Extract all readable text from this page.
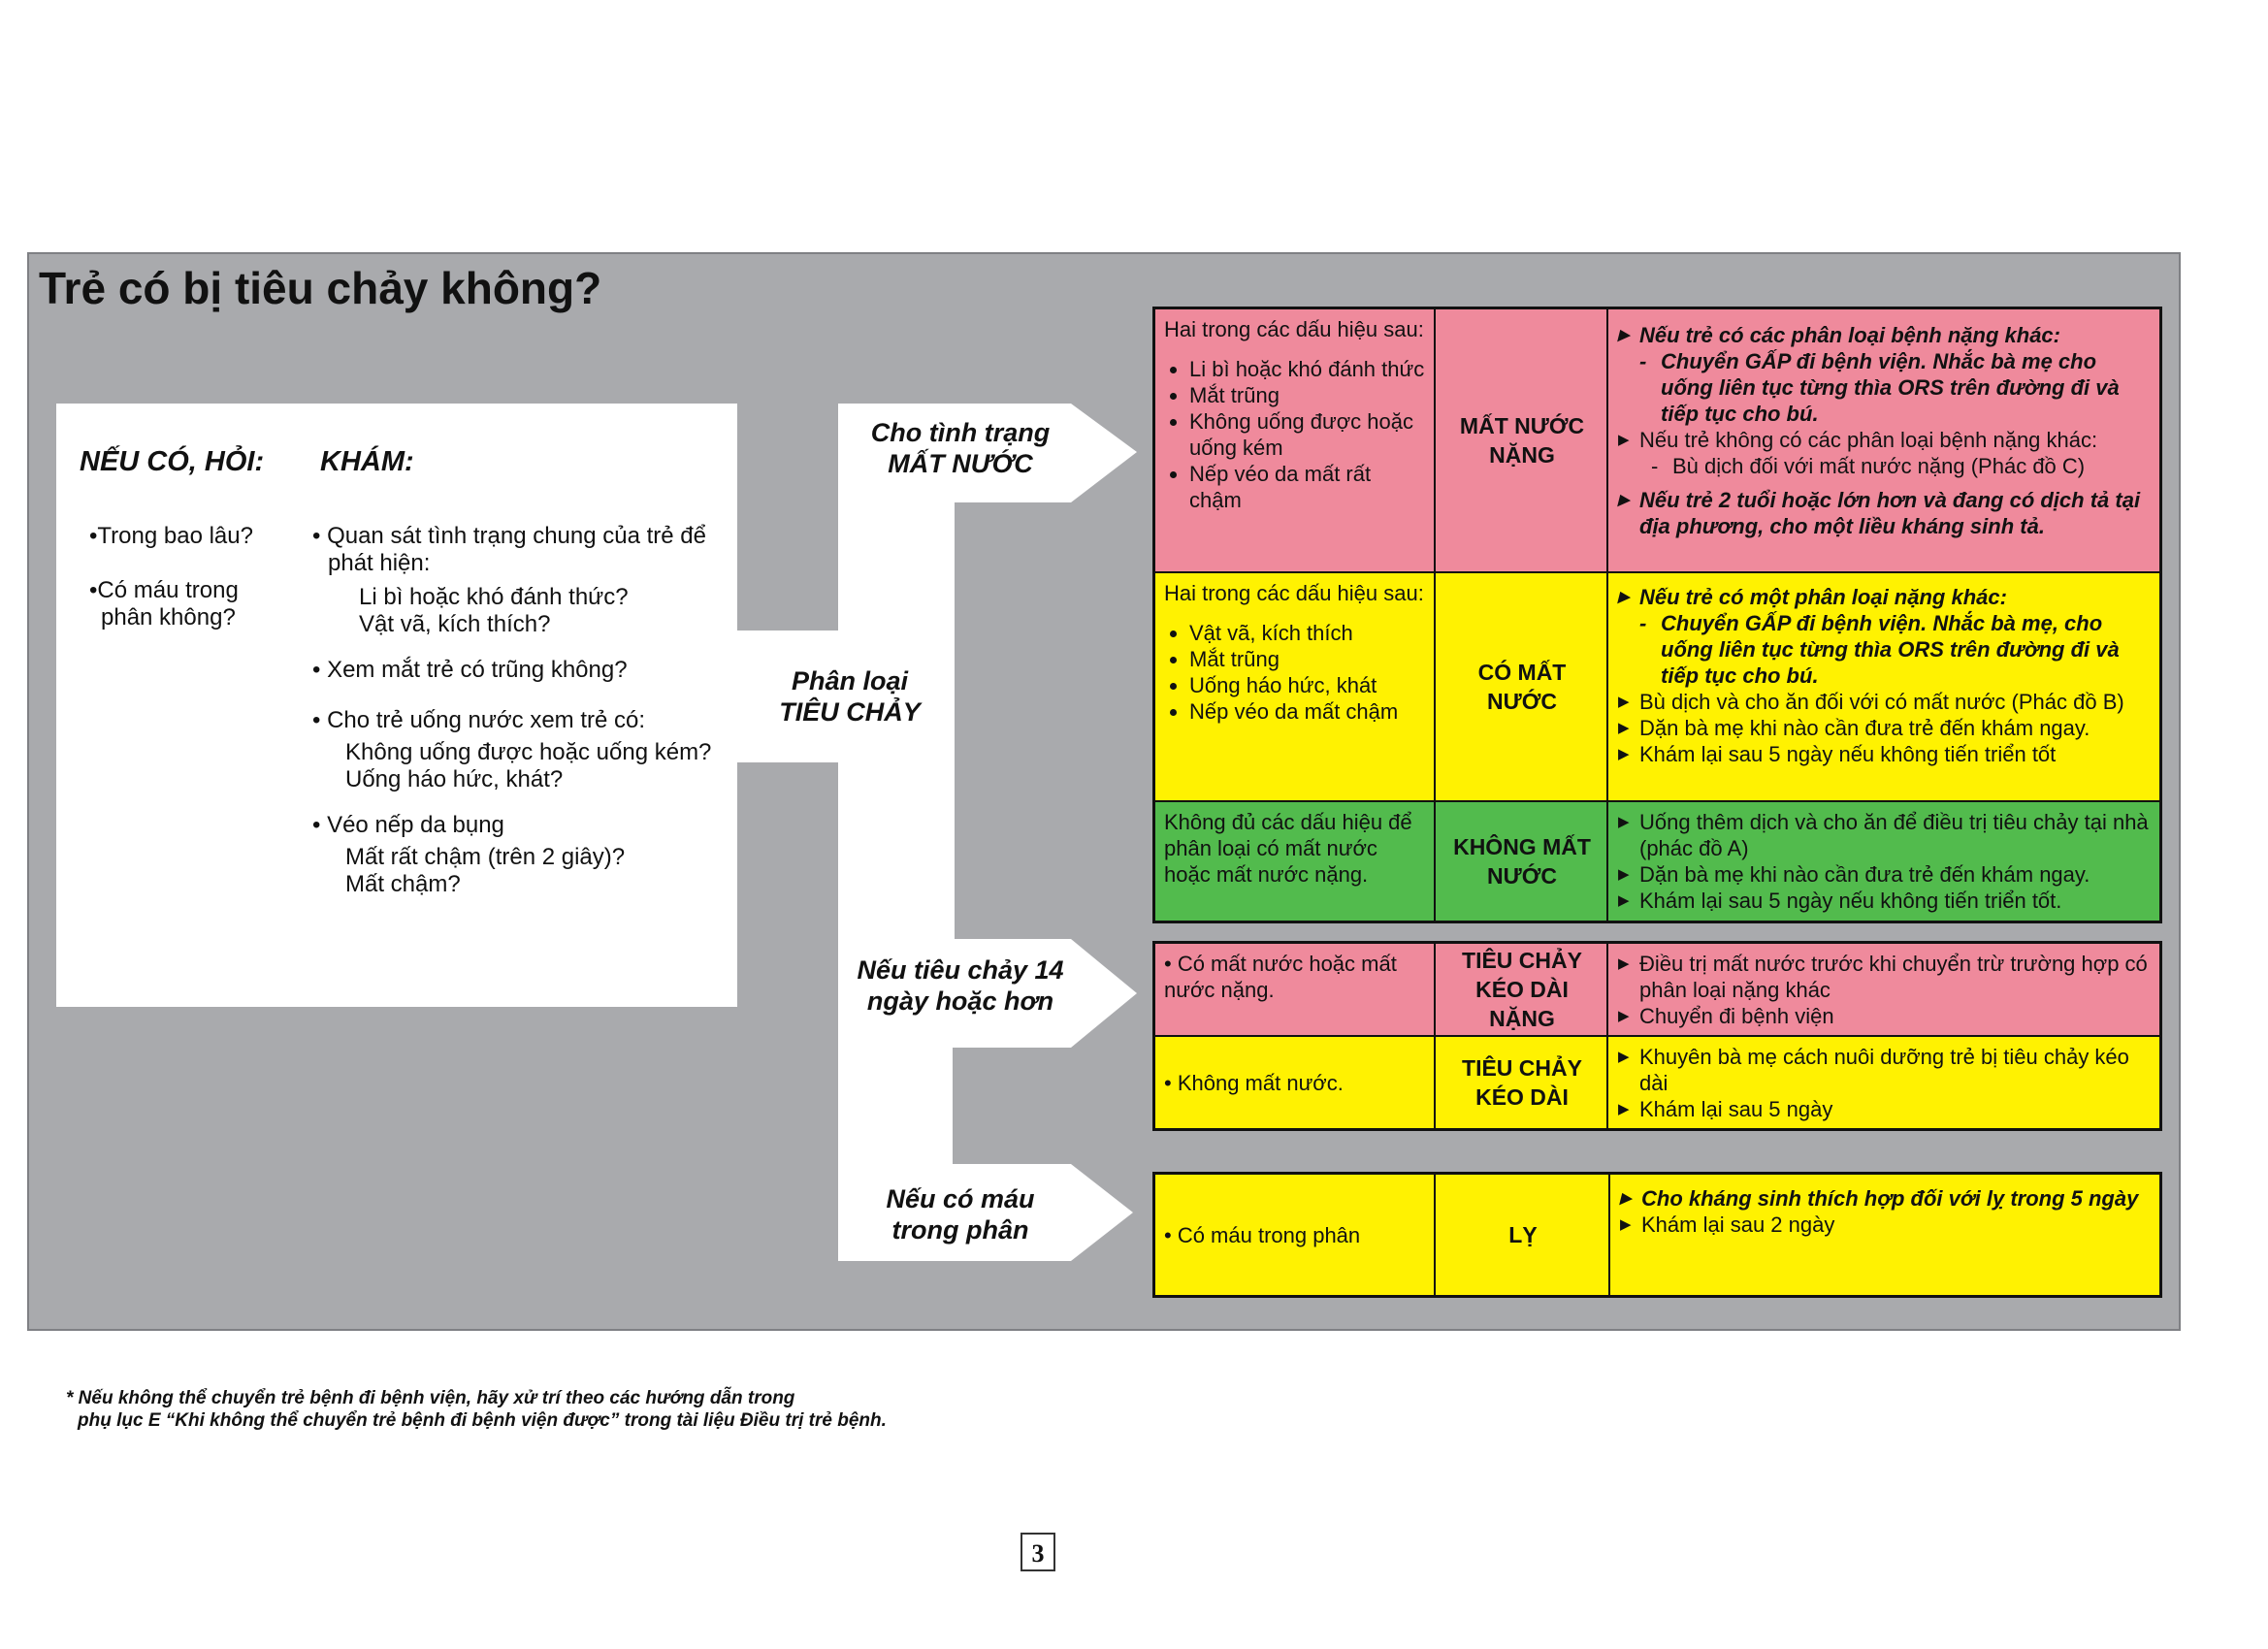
Trẻ có bị tiêu chảy không?
NẾU CÓ, HỎI: KHÁM:
•Trong bao lâu?
•Có máu trong
phân không?
• Quan sát tình trạng chung của trẻ để
phát hiện:
Li bì hoặc khó đánh thức?
Vật vã, kích thích?
• Xem mắt trẻ có trũng không?
• Cho trẻ uống nước xem trẻ có:
Không uống được hoặc uống kém?
Uống háo hức, khát?
• Véo nếp da bụng
Mất rất chậm (trên 2 giây)?
Mất chậm?
Phân loại
TIÊU CHẢY
Cho tình trạng
MẤT NƯỚC
Nếu tiêu chảy 14
ngày hoặc hơn
Nếu có máu
trong phân
Hai trong các dấu hiệu sau:
• Li bì hoặc khó đánh thức
• Mắt trũng
• Không uống được hoặc uống kém
• Nếp véo da mất rất chậm
MẤT NƯỚC
NẶNG
▶ Nếu trẻ có các phân loại bệnh nặng khác:
- Chuyển GẤP đi bệnh viện. Nhắc bà mẹ cho uống liên tục từng thìa ORS trên đường đi và tiếp tục cho bú.
▶ Nếu trẻ không có các phân loại bệnh nặng khác:
- Bù dịch đối với mất nước nặng (Phác đồ C)
▶ Nếu trẻ 2 tuổi hoặc lớn hơn và đang có dịch tả tại địa phương, cho một liều kháng sinh tả.
Hai trong các dấu hiệu sau:
• Vật vã, kích thích
• Mắt trũng
• Uống háo hức, khát
• Nếp véo da mất chậm
CÓ MẤT NƯỚC
▶ Nếu trẻ có một phân loại nặng khác:
- Chuyển GẤP đi bệnh viện. Nhắc bà mẹ, cho uống liên tục từng thìa ORS trên đường đi và tiếp tục cho bú.
▶ Bù dịch và cho ăn đối với có mất nước (Phác đồ B)
▶ Dặn bà mẹ khi nào cần đưa trẻ đến khám ngay.
▶ Khám lại sau 5 ngày nếu không tiến triển tốt
Không đủ các dấu hiệu để phân loại có mất nước hoặc mất nước nặng.
KHÔNG MẤT
NƯỚC
▶ Uống thêm dịch và cho ăn để điều trị tiêu chảy tại nhà (phác đồ A)
▶ Dặn bà mẹ khi nào cần đưa trẻ đến khám ngay.
▶ Khám lại sau 5 ngày nếu không tiến triển tốt.
• Có mất nước hoặc mất nước nặng.
TIÊU CHẢY
KÉO DÀI NẶNG
▶ Điều trị mất nước trước khi chuyển trừ trường hợp có phân loại nặng khác
▶ Chuyển đi bệnh viện
• Không mất nước.
TIÊU CHẢY
KÉO DÀI
▶ Khuyên bà mẹ cách nuôi dưỡng trẻ bị tiêu chảy kéo dài
▶ Khám lại sau 5 ngày
• Có máu trong phân	LỴ
▶ Cho kháng sinh thích hợp đối với lỵ trong 5 ngày
▶ Khám lại sau 2 ngày
* Nếu không thể chuyển trẻ bệnh đi bệnh viện, hãy xử trí theo các hướng dẫn trong
phụ lục E “Khi không thể chuyển trẻ bệnh đi bệnh viện được” trong tài liệu Điều trị trẻ bệnh.
3
